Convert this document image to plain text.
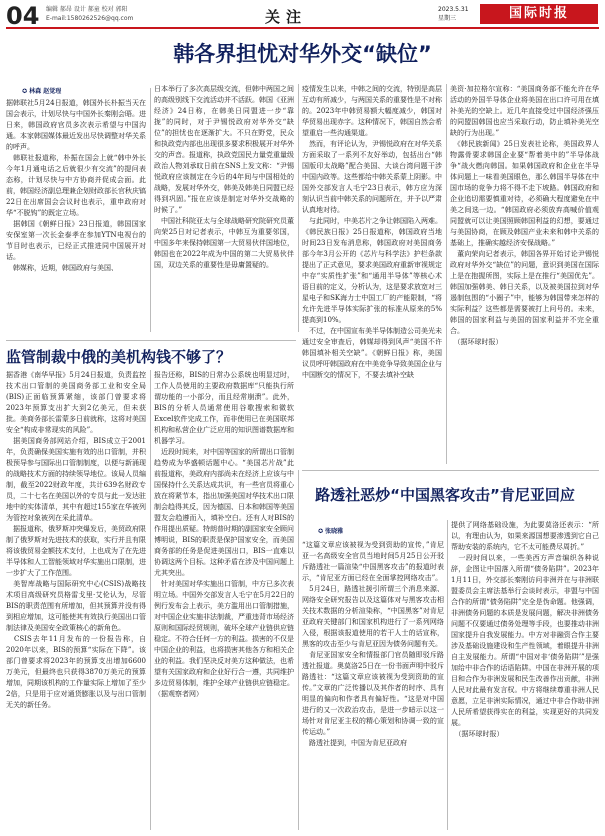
04 编辑 郝昂 设计 郝童 校对 郭阳
E-mail:1580262526@qq.com	关注	2023.5.31
星期三	国际时报
韩各界担忧对华外交“缺位”
✪ 林森 赵觉珵
据韩联社5月24日报道，韩国外长朴振当天在国会表示，计划尽快与中国外长秦刚会晤。进日来，韩国政府官员多次表示希望与中国沟通。本家韩国媒体最近发出尽快调整对华关系的呼声。
　韩联社报道称，朴振在国会上就“韩中外长今年1月通电话之后就很少有交流”的提问表态称，计划尽快与中方协商并促成会面。此前，韩国经济副总理兼企划财政部长官秋庆镐22日在出席国会会议时也表示，重申政府对华“不脱钩”的既定立场。
　据韩国《朝鲜日报》23日报道，韩国国家安保室第一次长金泰孝在参加YTN电视台的节目时也表示，已经正式推进同中国展开对话。
　韩媒称，近期，韩国政府与美国、
日本举行了多次高层级交流，但韩中两国之间的高级别线下交流活动并不活跃。韩国《亚洲经济》24日称，在韩美日同盟进一步“靠拢”的同时，对于尹锡悦政府对华外交“缺位”的担忧也在逐渐扩大。不只在野党，民众和执政党内部也出现很多要求积极展开对华外交的声音。报道称，执政党国民力量党重量级政治人物刘承旼日前在SNS上发文称：“尹锡悦政府应该制定在今后的4年间与中国相处的战略，发展对华外交，韩美及韩美日同盟已经得到巩固。”报在应该是制定对华外交战略的时候了。”
　中国社科院亚太与全球战略研究院研究员董向荣25日对记者表示，中韩互为重要邻国，中国多年来保持韩国第一大贸易伙伴国地位，韩国也在2022年成为中国的第二大贸易伙伴国，双边关系的重要性是毋庸置疑的。
疫情发生以来，中韩之间的交流，特别是高层互动有所减少，与两国关系的重要性是不对称的。2023年中韩贸易额大幅度减少，韩国对华贸易出现赤字。这种情况下，韩国自然会希望重启一些沟通渠道。
　然而，有评论认为，尹锡悦政府在对华关系方面采取了一系列不友好举动，包括出台“韩国版印太战略”配合美国、大谈台湾问题干涉中国内政等。这些都给中韩关系蒙上阴影。中国外交部发言人毛宁23日表示，韩方应为深刻认识当前中韩关系的问题所在，并予以严肃认真地对待。
　与此同时，中美芯片之争让韩国陷入两难。《韩民族日报》25日报道称，韩国政府当地时间23日发布消息称，韩国政府对美国商务部今年3月公开的《芯片与科学法》护栏条款提出了正式意见，要求美国政府重新审视规定中存“实质性扩张”和“通用半导体”等核心术语目前的定义，分析认为，这是要求放宽对三星电子和SK海力士中国工厂的产能限制，“将允许先进半导体实际扩张的标准从原来的5%提高到10%。
　不过，在中国宣布美半导体制造公司美光未通过安全审查后，韩媒却得到风声“美国不许韩国填补相关空缺”。《朝鲜日报》称，美国议员呼吁韩国政府在中美竞争导致美国企业与中国断交的情况下，不要去填补空缺
美资·加拉格尔宣称：“美国商务部不能允许在华活动的外国半导体企业将美国在出口许可用在填补美光的空缺上。近几年直接受过中国经济强压的同盟国韩国也应当采取行动，防止填补美光空缺的行为出现。”
　《韩民族新闻》25日发表社论称，美国政界人物露骨要求韩国企业要“帮着美中的”半导体战争“战火燃向韩国。如果韩国政府和企业在半导体问题上一味看美国眼色，那么韩国半导体在中国市场的竞争力将不得不走下坡路。韩国政府和企业追切需要慎重对待，必须确大程度避免在中美之间选一边。“韩国政府必须放弃高喊价值观同盟就可以让美国照顾韩国利益的幻想，要通过与美国协商，在顾及韩国产业未来和韩中关系的基础上，推确实越经济安保战略。”
　董向荣向记者表示，韩国各界开始讨论尹锡悦政府对华外交“缺位”的问题，意识到美国在国际上是在抱握所图，实际上是在推行“美国优先”。韩国加强韩美、韩日关系，以及被美国拉到对华遏制包围的“小圈子”中，能够为韩国带来怎样的实际利益？这些都是需要被打上问号的。未来，韩国的国家利益与美国的国家利益并不完全重合。
　（据环球时报）
监管制裁中俄的美机构钱不够了？
据香港《南华早报》5月24日报道，负责监控技术出口管制的美国商务部工业和安全局(BIS)正面临预算紧缩，该部门曾要求将2023年预算支出扩大到2亿美元，但未获批。美商务部长雷蒙多日前就称，这将对美国安全“构成非常现实的风险”。
　据美国商务部网站介绍，BIS成立于2001年，负责确保美国实施有效的出口管制，并积极预导参与国际出口管制制度，以便与新涌现的战略技术方面的持续领导地位。该局人员编制，截至2022财政年度，共计639名财政专员，二十七名在美国以外的专员与此一发达驻地中的实体清单，其中有超过155家在华被列为管控对象被列在采此清单。
　据报道称，俄罗斯冲突爆发后，美贸政府限制了俄罗斯对先进技术的获取，实行并且有限将该俄贸易金额技术支付，上也成为了在先进半导体和人工智能领域对华实施出口限制，进一步扩大了工作范围。
　美智库战略与国际研究中心(CSIS)战略技术项目高级研究员格雷戈里·艾伦认为，尽管BIS的职责范围有所增加，但其预算并没有得到相应增加，这可能使其有效执行美国出口管制法律及美国安全政策核心的新角色。
　CSIS去年11月发布的一份报告称，自2020年以来，BIS的预算“实际在下降”。该部门曾要求将2023年的预算支出增加6600万美元，但最终也只获得3870万美元的预算增加，同期该机构的工作量实际上增加了至少2倍，只是用于应对通货膨胀以及与出口管制无关的新任务。
报告还称，BIS的日常办公系统也明显过时，工作人员使用的主要政府数据库“只能执行所谓功能的一小部分，而且经常崩溃”。此外，BIS的分析人员通常使用谷歌搜索和微软Excel软件完成工作，而非使用已在美国联邦机构和私营企业广泛应用的知识图谱数据库和机器学习。
　近段时间来，对中国等国家的所谓出口管制趋势成为华盛顿话题中心。“美国芯片战”此前报道称，美政府内部尚未在经济上应该与中国保持什么关系达成共识，有一些官员将重心放在将紧节本，指出加强美国对华技术出口限制会趋得其反，因为德国、日本和韩国等美国盟友会趋遵而入，填补空白。还有人对BIS的作用提出质疑。特朗普时期的副国家安全顾问博明说，BIS的职责是保护国家安全，而美国商务部的任务是促进美国出口，BIS一直难以协调这两个目标。这种矛盾在涉及中国问题上尤其突出。
　针对美国对华实施出口管制，中方已多次表明立场。中国外交部发言人毛宁在5月22日的例行发布会上表示，美方滥用出口管制措施，对中国企业实施非法制裁，严重违背市场经济原则和国际经贸规则，破坏全球产业链供应链稳定。不符合任何一方的利益。损害的不仅是中国企业的利益，也将损害其他各方和相关企业的利益。我们坚决反对美方这种做法，也希望有关国家政府和企业好行合一遵，共同维护多边贸易体制，维护全球产业链供应链稳定。（据观察者网）
路透社恶炒“中国黑客攻击”肯尼亚回应
✪ 张晓雅
“这篇文章应该被视为受到资助的宣传，”肯尼亚一名高级安全官员当地时间5月25日公开驳斥路透社一篇渲染“中国黑客攻击”的报道时表示，“肯尼亚方面已经在全面掌控网络攻击”。
　5月24日，路透社援引所谓三个消息来源、网络安全研究报告以及这篇体对与黑客攻击相关技术数据的分析渲染称，“中国黑客”对肯尼亚政府关键部门和国家机构进行了一系列网络入侵，根据该报道使用的若干人士的话宣称，黑客的攻击至少与肯尼亚因为债务问题有关。
　肯尼亚国家安全和情报部门官员随即驳斥路透社报道。奥莫洛25日在一份书面声明中驳斥路透社：“这篇文章应该被视为受到资助的宣传。”文章的广泛传播以及其作者的时序、具有明显的偏向和作者具有偏好性。“这是对中国进行的又一次政治攻击，是进一步暗示以这一场针对肯尼亚主权的精心策划和协调一致的宣传运动。”
　路透社提到，中国为肯尼亚政府
提供了网络基础设施，为此要莫洛还表示：“所以，有理由认为，如果来源国想要渗透到它自己帮助安装的系统内，它不太可能费尽周折。”
　一段时间以来，一些美西方声音编织各种说辞，企图让中国落入所谓“债务陷阱”。2023年1月11日，外交部长秦刚访问非洲并在与非洲联盟委员会主席法基举行会谈时表示，非盟与中国合作的所谓“债务陷阱”完全是伪命题。他强调，非洲债务问题的本质是发展问题，解决非洲债务问题不仅要通过债务处理等手段，也要推动非洲国家提升自我发展能力。中方对非融资合作主要涉及基础设施建设和生产性领域，着眼提升非洲自主发展能力。所谓“中国对非‘债务陷阱’”是强加给中非合作的话语陷阱。中国在非洲开展的项目和合作为非洲发展和民生改善作出贡献，非洲人民对此最有发言权。中方将继续尊重非洲人民意愿，立足非洲实际情况，通过中非合作助非洲人民所希望获得实在的利益，实现更好的共同发展。
　（据环球时报）
